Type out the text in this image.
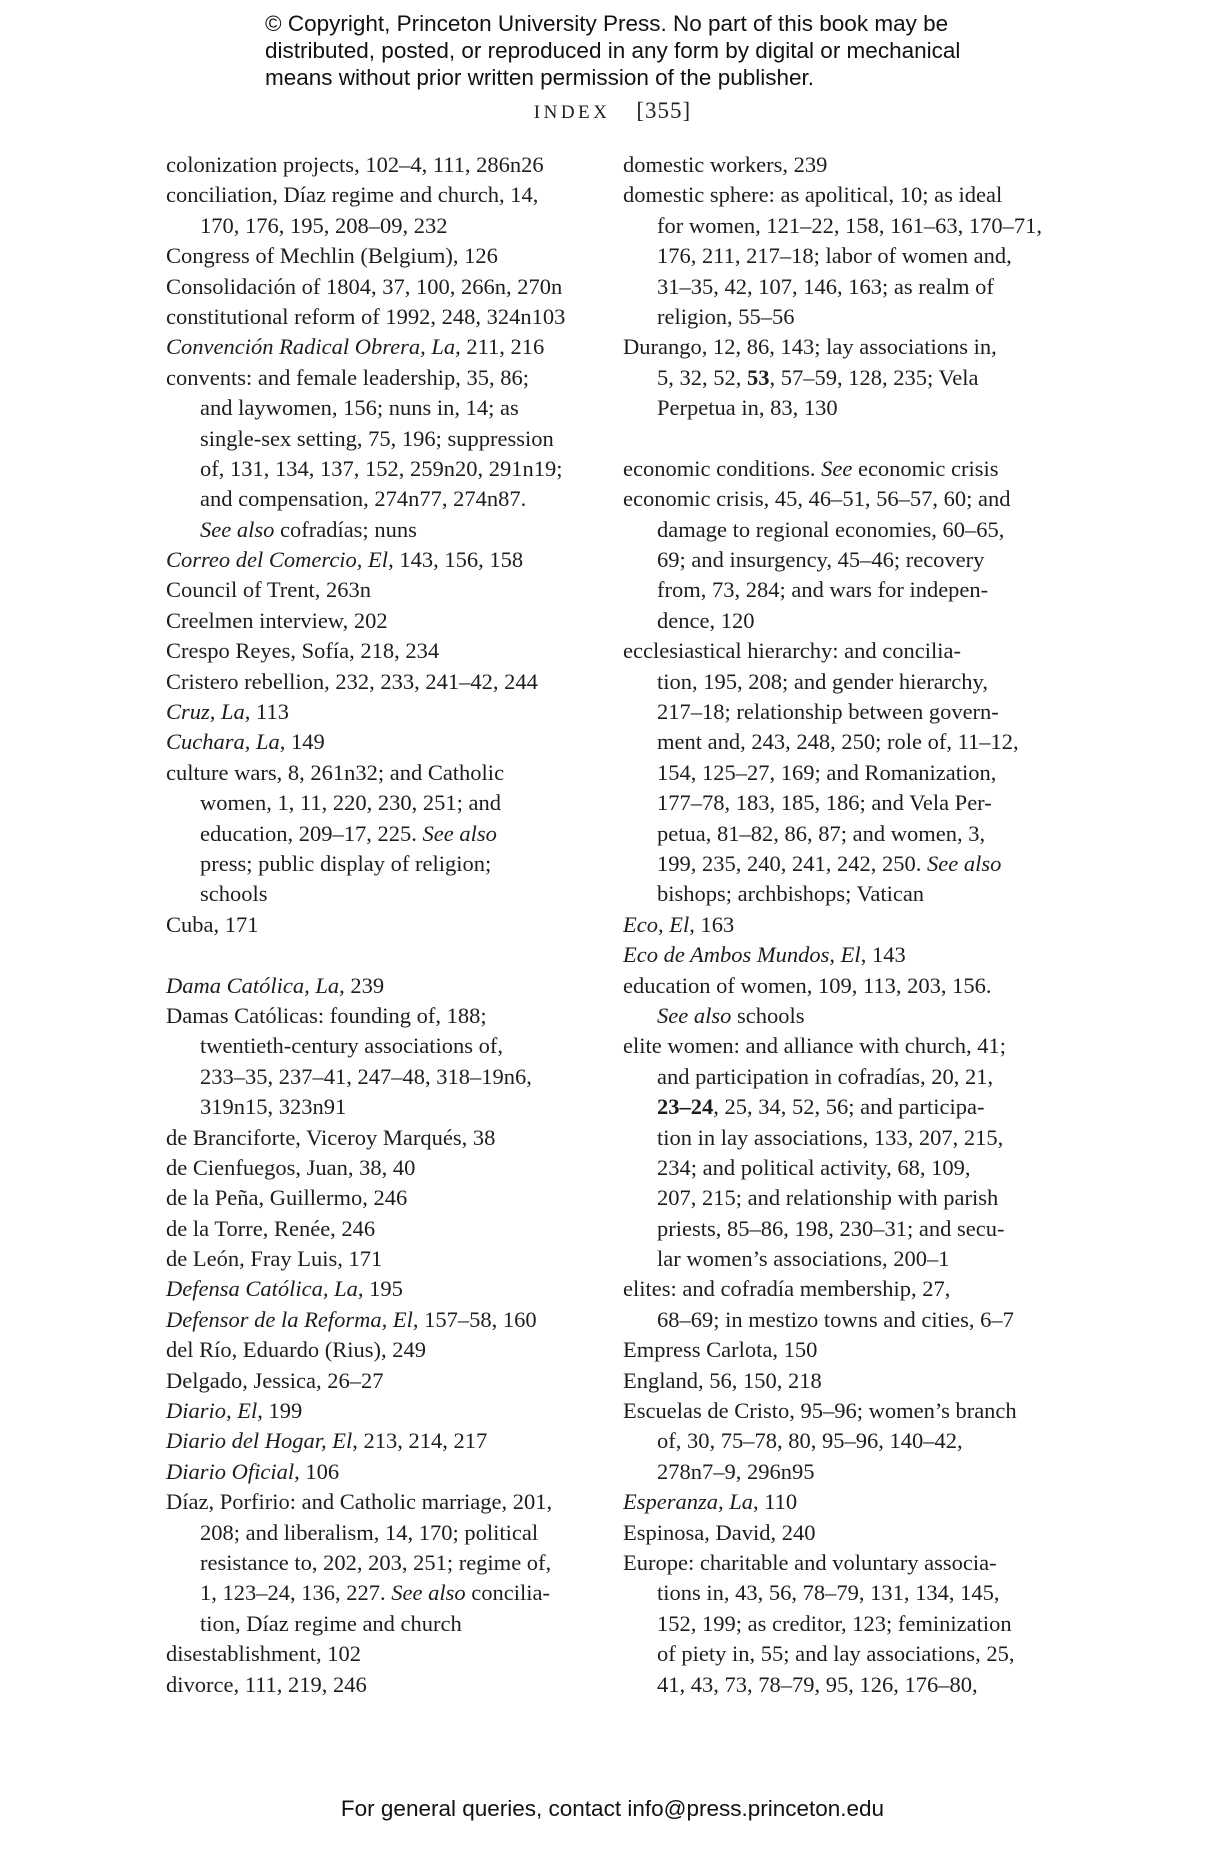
© Copyright, Princeton University Press. No part of this book may be
distributed, posted, or reproduced in any form by digital or mechanical
means without prior written permission of the publisher.
INDEX [355]
colonization projects, 102–4, 111, 286n26
conciliation, Díaz regime and church, 14,
170, 176, 195, 208–09, 232
Congress of Mechlin (Belgium), 126
Consolidación of 1804, 37, 100, 266n, 270n
constitutional reform of 1992, 248, 324n103
Convención Radical Obrera, La, 211, 216
convents: and female leadership, 35, 86;
and laywomen, 156; nuns in, 14; as
single-sex setting, 75, 196; suppression
of, 131, 134, 137, 152, 259n20, 291n19;
and compensation, 274n77, 274n87.
See also cofradías; nuns
Correo del Comercio, El, 143, 156, 158
Council of Trent, 263n
Creelmen interview, 202
Crespo Reyes, Sofía, 218, 234
Cristero rebellion, 232, 233, 241–42, 244
Cruz, La, 113
Cuchara, La, 149
culture wars, 8, 261n32; and Catholic
women, 1, 11, 220, 230, 251; and
education, 209–17, 225. See also
press; public display of religion;
schools
Cuba, 171
Dama Católica, La, 239
Damas Católicas: founding of, 188;
twentieth-century associations of,
233–35, 237–41, 247–48, 318–19n6,
319n15, 323n91
de Branciforte, Viceroy Marqués, 38
de Cienfuegos, Juan, 38, 40
de la Peña, Guillermo, 246
de la Torre, Renée, 246
de León, Fray Luis, 171
Defensa Católica, La, 195
Defensor de la Reforma, El, 157–58, 160
del Río, Eduardo (Rius), 249
Delgado, Jessica, 26–27
Diario, El, 199
Diario del Hogar, El, 213, 214, 217
Diario Oficial, 106
Díaz, Porfirio: and Catholic marriage, 201,
208; and liberalism, 14, 170; political
resistance to, 202, 203, 251; regime of,
1, 123–24, 136, 227. See also concilia-
tion, Díaz regime and church
disestablishment, 102
divorce, 111, 219, 246
domestic workers, 239
domestic sphere: as apolitical, 10; as ideal
for women, 121–22, 158, 161–63, 170–71,
176, 211, 217–18; labor of women and,
31–35, 42, 107, 146, 163; as realm of
religion, 55–56
Durango, 12, 86, 143; lay associations in,
5, 32, 52, 53, 57–59, 128, 235; Vela
Perpetua in, 83, 130
economic conditions. See economic crisis
economic crisis, 45, 46–51, 56–57, 60; and
damage to regional economies, 60–65,
69; and insurgency, 45–46; recovery
from, 73, 284; and wars for indepen-
dence, 120
ecclesiastical hierarchy: and concilia-
tion, 195, 208; and gender hierarchy,
217–18; relationship between govern-
ment and, 243, 248, 250; role of, 11–12,
154, 125–27, 169; and Romanization,
177–78, 183, 185, 186; and Vela Per-
petua, 81–82, 86, 87; and women, 3,
199, 235, 240, 241, 242, 250. See also
bishops; archbishops; Vatican
Eco, El, 163
Eco de Ambos Mundos, El, 143
education of women, 109, 113, 203, 156.
See also schools
elite women: and alliance with church, 41;
and participation in cofradías, 20, 21,
23–24, 25, 34, 52, 56; and participa-
tion in lay associations, 133, 207, 215,
234; and political activity, 68, 109,
207, 215; and relationship with parish
priests, 85–86, 198, 230–31; and secu-
lar women’s associations, 200–1
elites: and cofradía membership, 27,
68–69; in mestizo towns and cities, 6–7
Empress Carlota, 150
England, 56, 150, 218
Escuelas de Cristo, 95–96; women’s branch
of, 30, 75–78, 80, 95–96, 140–42,
278n7–9, 296n95
Esperanza, La, 110
Espinosa, David, 240
Europe: charitable and voluntary associa-
tions in, 43, 56, 78–79, 131, 134, 145,
152, 199; as creditor, 123; feminization
of piety in, 55; and lay associations, 25,
41, 43, 73, 78–79, 95, 126, 176–80,
For general queries, contact info@press.princeton.edu
